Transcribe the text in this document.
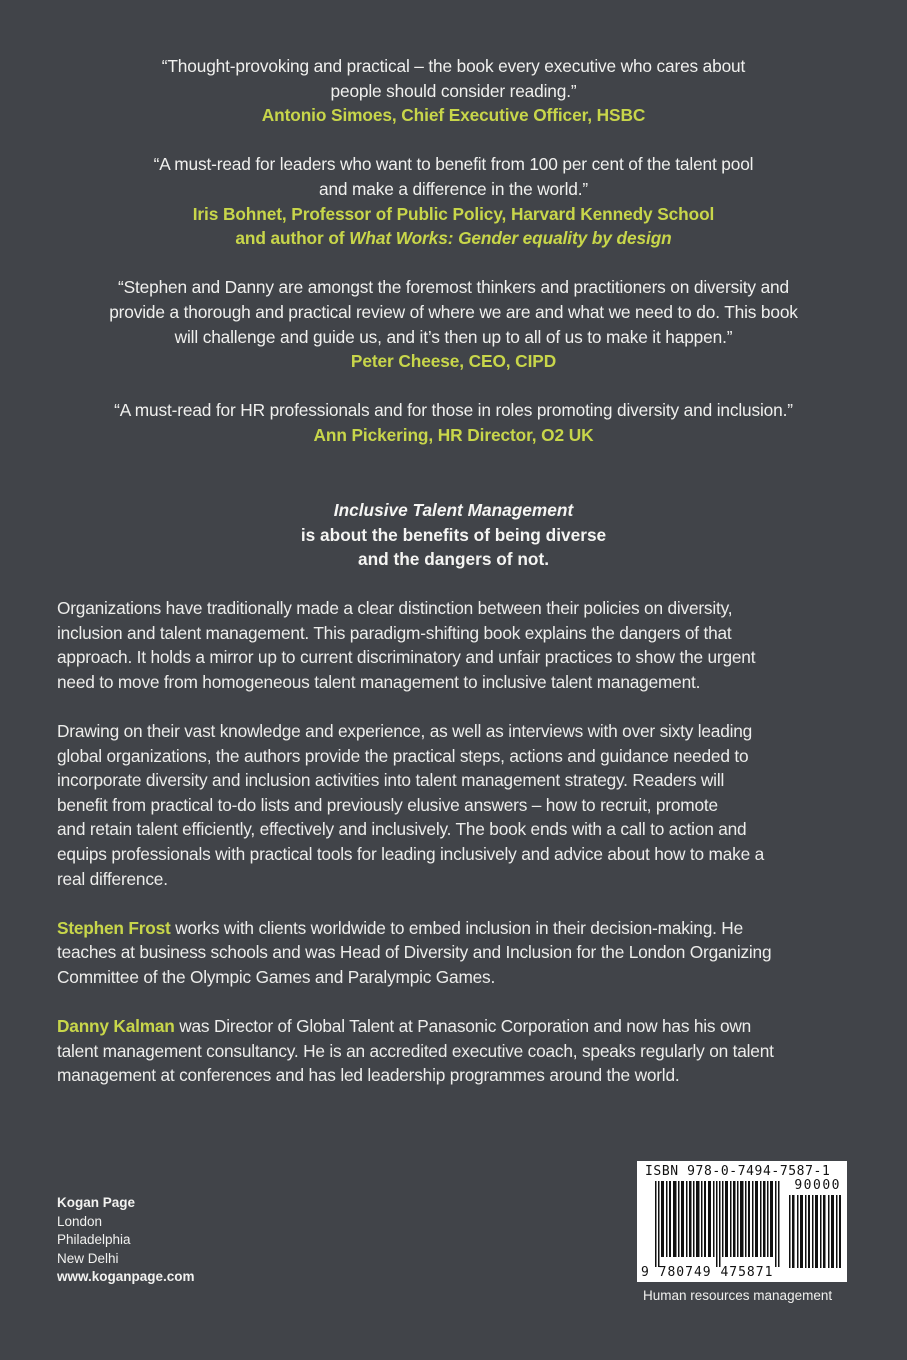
“Thought-provoking and practical – the book every executive who cares about
people should consider reading.”
Antonio Simoes, Chief Executive Officer, HSBC
“A must-read for leaders who want to benefit from 100 per cent of the talent pool
and make a difference in the world.”
Iris Bohnet, Professor of Public Policy, Harvard Kennedy School
and author of What Works: Gender equality by design
“Stephen and Danny are amongst the foremost thinkers and practitioners on diversity and
provide a thorough and practical review of where we are and what we need to do. This book
will challenge and guide us, and it’s then up to all of us to make it happen.”
Peter Cheese, CEO, CIPD
“A must-read for HR professionals and for those in roles promoting diversity and inclusion.”
Ann Pickering, HR Director, O2 UK
Inclusive Talent Management
is about the benefits of being diverse
and the dangers of not.
Organizations have traditionally made a clear distinction between their policies on diversity,
inclusion and talent management. This paradigm-shifting book explains the dangers of that
approach. It holds a mirror up to current discriminatory and unfair practices to show the urgent
need to move from homogeneous talent management to inclusive talent management.
Drawing on their vast knowledge and experience, as well as interviews with over sixty leading
global organizations, the authors provide the practical steps, actions and guidance needed to
incorporate diversity and inclusion activities into talent management strategy. Readers will
benefit from practical to-do lists and previously elusive answers – how to recruit, promote
and retain talent efficiently, effectively and inclusively. The book ends with a call to action and
equips professionals with practical tools for leading inclusively and advice about how to make a
real difference.
Stephen Frost works with clients worldwide to embed inclusion in their decision-making. He
teaches at business schools and was Head of Diversity and Inclusion for the London Organizing
Committee of the Olympic Games and Paralympic Games.
Danny Kalman was Director of Global Talent at Panasonic Corporation and now has his own
talent management consultancy. He is an accredited executive coach, speaks regularly on talent
management at conferences and has led leadership programmes around the world.
Kogan Page
London
Philadelphia
New Delhi
www.koganpage.com
ISBN 978-0-7494-7587-1
90000
9 780749 475871
Human resources management
